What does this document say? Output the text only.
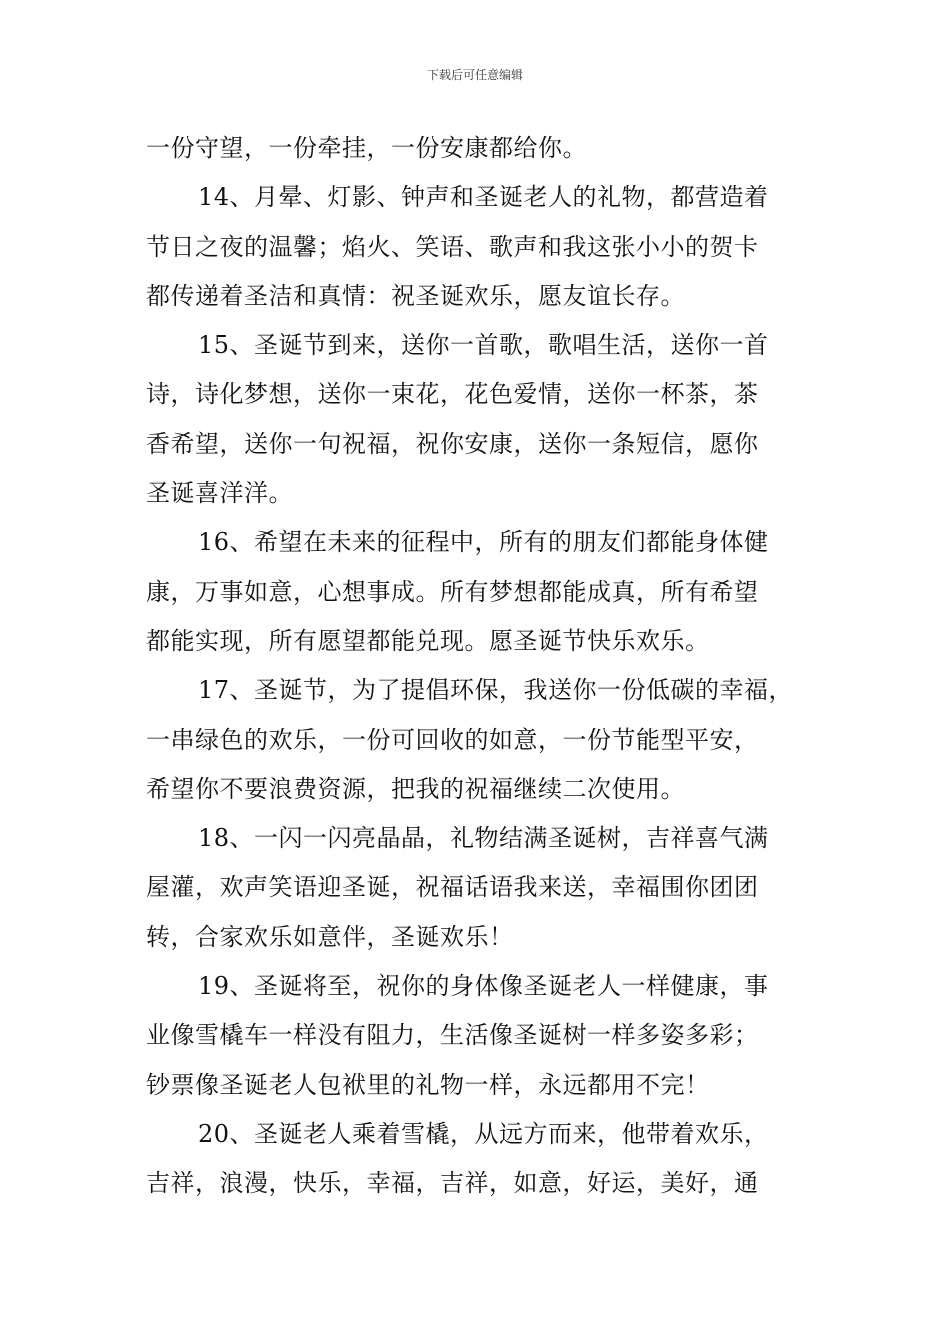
下载后可任意编辑
一份守望，一份牵挂，一份安康都给你。
14、月晕、灯影、钟声和圣诞老人的礼物，都营造着
节日之夜的温馨；焰火、笑语、歌声和我这张小小的贺卡
都传递着圣洁和真情：祝圣诞欢乐，愿友谊长存。
15、圣诞节到来，送你一首歌，歌唱生活，送你一首
诗，诗化梦想，送你一束花，花色爱情，送你一杯茶，茶
香希望，送你一句祝福，祝你安康，送你一条短信，愿你
圣诞喜洋洋。
16、希望在未来的征程中，所有的朋友们都能身体健
康，万事如意，心想事成。所有梦想都能成真，所有希望
都能实现，所有愿望都能兑现。愿圣诞节快乐欢乐。
17、圣诞节，为了提倡环保，我送你一份低碳的幸福，
一串绿色的欢乐，一份可回收的如意，一份节能型平安，
希望你不要浪费资源，把我的祝福继续二次使用。
18、一闪一闪亮晶晶，礼物结满圣诞树，吉祥喜气满
屋灌，欢声笑语迎圣诞，祝福话语我来送，幸福围你团团
转，合家欢乐如意伴，圣诞欢乐！
19、圣诞将至，祝你的身体像圣诞老人一样健康，事
业像雪橇车一样没有阻力，生活像圣诞树一样多姿多彩；
钞票像圣诞老人包袱里的礼物一样，永远都用不完！
20、圣诞老人乘着雪橇，从远方而来，他带着欢乐，
吉祥，浪漫，快乐，幸福，吉祥，如意，好运，美好，通
